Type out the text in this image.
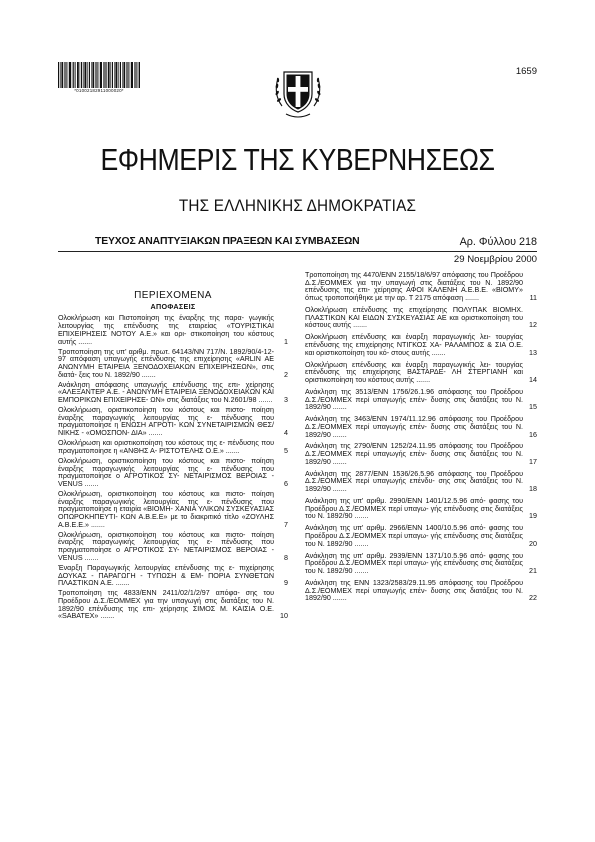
*01002182911000020*
1659
ΕΦΗΜΕΡΙΣ ΤΗΣ ΚΥΒΕΡΝΗΣΕΩΣ
ΤΗΣ ΕΛΛΗΝΙΚΗΣ ΔΗΜΟΚΡΑΤΙΑΣ
ΤΕΥΧΟΣ ΑΝΑΠΤΥΞΙΑΚΩΝ ΠΡΑΞΕΩΝ ΚΑΙ ΣΥΜΒΑΣΕΩΝ	Αρ. Φύλλου 218
29 Νοεμβρίου 2000
ΠΕΡΙΕΧΟΜΕΝΑ
ΑΠΟΦΑΣΕΙΣ
Ολοκλήρωση και Πιστοποίηση της έναρξης της παρα- γωγικής λειτουργίας της επένδυσης της εταιρείας «ΤΟΥΡΙΣΤΙΚΑΙ ΕΠΙΧΕΙΡΗΣΕΙΣ ΝΟΤΟΥ Α.Ε.» και ορι- στικοποίηση του κόστους αυτής .......	1
Τροποποίηση της υπ' αριθμ. πρωτ. 64143/ΝΝ 717/Ν. 1892/90/4-12-97 απόφαση υπαγωγής επένδυσης της επιχείρησης «ARLIN AE ΑΝΩΝΥΜΗ ΕΤΑΙΡΕΙΑ ΞΕΝΟΔΟΧΕΙΑΚΩΝ ΕΠΙΧΕΙΡΗΣΕΩΝ», στις διατά- ξεις του Ν. 1892/90 .......	2
Ανάκληση απόφασης υπαγωγής επένδυσης της επι- χείρησης «ΑΛΕΞΑΝΤΕΡ Α.Ε. - ΑΝΩΝΥΜΗ ΕΤΑΙΡΕΙΑ ΞΕΝΟΔΟΧΕΙΑΚΩΝ ΚΑΙ ΕΜΠΟΡΙΚΩΝ ΕΠΙΧΕΙΡΗΣΕ- ΩΝ» στις διατάξεις του Ν.2601/98 .......	3
Ολοκλήρωση, οριστικοποίηση του κόστους και πιστο- ποίηση έναρξης παραγωγικής λειτουργίας της ε- πένδυσης που πραγματοποίησε η ΕΝΩΣΗ ΑΓΡΟΤΙ- ΚΩΝ ΣΥΝΕΤΑΙΡΙΣΜΩΝ ΘΕΣ/ΝΙΚΗΣ - «ΟΜΟΣΠΟΝ- ΔΙΑ» .......	4
Ολοκλήρωση και οριστικοποίηση του κόστους της ε- πένδυσης που πραγματοποίησε η «ΑΝΘΗΣ Α- ΡΙΣΤΟΤΕΛΗΣ Ο.Ε.» .......	5
Ολοκλήρωση, οριστικοποίηση του κόστους και πιστο- ποίηση έναρξης παραγωγικής λειτουργίας της ε- πένδυσης που πραγματοποίησε ο ΑΓΡΟΤΙΚΟΣ ΣΥ- ΝΕΤΑΙΡΙΣΜΟΣ ΒΕΡΟΙΑΣ - VENUS .......	6
Ολοκλήρωση, οριστικοποίηση του κόστους και πιστο- ποίηση έναρξης παραγωγικής λειτουργίας της ε- πένδυσης που πραγματοποίησε η εταιρία «ΒΙΟΜΗ- ΧΑΝΙΑ ΥΛΙΚΩΝ ΣΥΣΚΕΥΑΣΙΑΣ ΟΠΩΡΟΚΗΠΕΥΤΙ- ΚΩΝ Α.Β.Ε.Ε» με το διακριτικό τίτλο «ΖΟΥΛΗΣ Α.Β.Ε.Ε.» .......	7
Ολοκλήρωση, οριστικοποίηση του κόστους και πιστο- ποίηση έναρξης παραγωγικής λειτουργίας της ε- πένδυσης που πραγματοποίησε ο ΑΓΡΟΤΙΚΟΣ ΣΥ- ΝΕΤΑΙΡΙΣΜΟΣ ΒΕΡΟΙΑΣ - VENUS .......	8
Έναρξη Παραγωγικής λειτουργίας επένδυσης της ε- πιχείρησης ΔΟΥΚΑΣ - ΠΑΡΑΓΩΓΗ - ΤΥΠΩΣΗ & ΕΜ- ΠΟΡΙΑ ΣΥΝΘΕΤΩΝ ΠΛΑΣΤΙΚΩΝ Α.Ε. .......	9
Τροποποίηση της 4833/ΕΝΝ 2411/02/1/2/97 απόφα- σης του Προέδρου Δ.Σ./ΕΟΜΜΕΧ για την υπαγωγή στις διατάξεις του Ν. 1892/90 επένδυσης της επι- χείρησης ΣΙΜΟΣ Μ. ΚΑΙΣΙΑ Ο.Ε. «SABATEX» .......	10
Τροποποίηση της 4470/ΕΝΝ 2155/18/6/97 απόφασης του Προέδρου Δ.Σ./ΕΟΜΜΕΧ για την υπαγωγή στις διατάξεις του Ν. 1892/90 επένδυσης της επι- χείρησης ΑΦΟΙ ΚΑΛΕΝΗ Α.Ε.Β.Ε. «ΒΙΟΜΥ» όπως τροποποιήθηκε με την αρ. Τ 2175 απόφαση .......	11
Ολοκλήρωση επένδυσης της επιχείρησης ΠΟΛΥΠΑΚ ΒΙΟΜΗΧ. ΠΛΑΣΤΙΚΩΝ ΚΑΙ ΕΙΔΩΝ ΣΥΣΚΕΥΑΣΙΑΣ ΑΕ και οριστικοποίηση του κόστους αυτής .......	12
Ολοκλήρωση επένδυσης και έναρξη παραγωγικής λει- τουργίας επένδυσης της επιχείρησης ΝΤΙΓΚΟΣ ΧΑ- ΡΑΛΑΜΠΟΣ & ΣΙΑ Ο.Ε. και οριστικοποίηση του κό- στους αυτής .......	13
Ολοκλήρωση επένδυσης και έναρξη παραγωγικής λει- τουργίας επένδυσης της επιχείρησης ΒΑΣΤΑΡΔΕ- ΛΗ ΣΤΕΡΓΙΑΝΗ και οριστικοποίηση του κόστους αυτής .......	14
Ανάκληση της 3513/ΕΝΝ 1756/26.1.96 απόφασης του Προέδρου Δ.Σ./ΕΟΜΜΕΧ περί υπαγωγής επέν- δυσης στις διατάξεις του Ν. 1892/90 .......	15
Ανάκληση της 3463/ΕΝΝ 1974/11.12.96 απόφασης του Προέδρου Δ.Σ./ΕΟΜΜΕΧ περί υπαγωγής επέν- δυσης στις διατάξεις του Ν. 1892/90 .......	16
Ανάκληση της 2790/ΕΝΝ 1252/24.11.95 απόφασης του Προέδρου Δ.Σ./ΕΟΜΜΕΧ περί υπαγωγής επέν- δυσης στις διατάξεις του Ν. 1892/90 .......	17
Ανάκληση της 2877/ΕΝΝ 1536/26.5.96 απόφασης του Προέδρου Δ.Σ./ΕΟΜΜΕΧ περί υπαγωγής επένδυ- σης στις διατάξεις του Ν. 1892/90 .......	18
Ανάκληση της υπ' αριθμ. 2990/ΕΝΝ 1401/12.5.96 από- φασης του Προέδρου Δ.Σ./ΕΟΜΜΕΧ περί υπαγω- γής επένδυσης στις διατάξεις του Ν. 1892/90 .......	19
Ανάκληση της υπ' αριθμ. 2966/ΕΝΝ 1400/10.5.96 από- φασης του Προέδρου Δ.Σ./ΕΟΜΜΕΧ περί υπαγω- γής επένδυσης στις διατάξεις του Ν. 1892/90 .......	20
Ανάκληση της υπ' αριθμ. 2939/ΕΝΝ 1371/10.5.96 από- φασης του Προέδρου Δ.Σ./ΕΟΜΜΕΧ περί υπαγω- γής επένδυσης στις διατάξεις του Ν. 1892/90 .......	21
Ανάκληση της ΕΝΝ 1323/2583/29.11.95 απόφασης του Προέδρου Δ.Σ./ΕΟΜΜΕΧ περί υπαγωγής επέν- δυσης στις διατάξεις του Ν. 1892/90 .......	22
